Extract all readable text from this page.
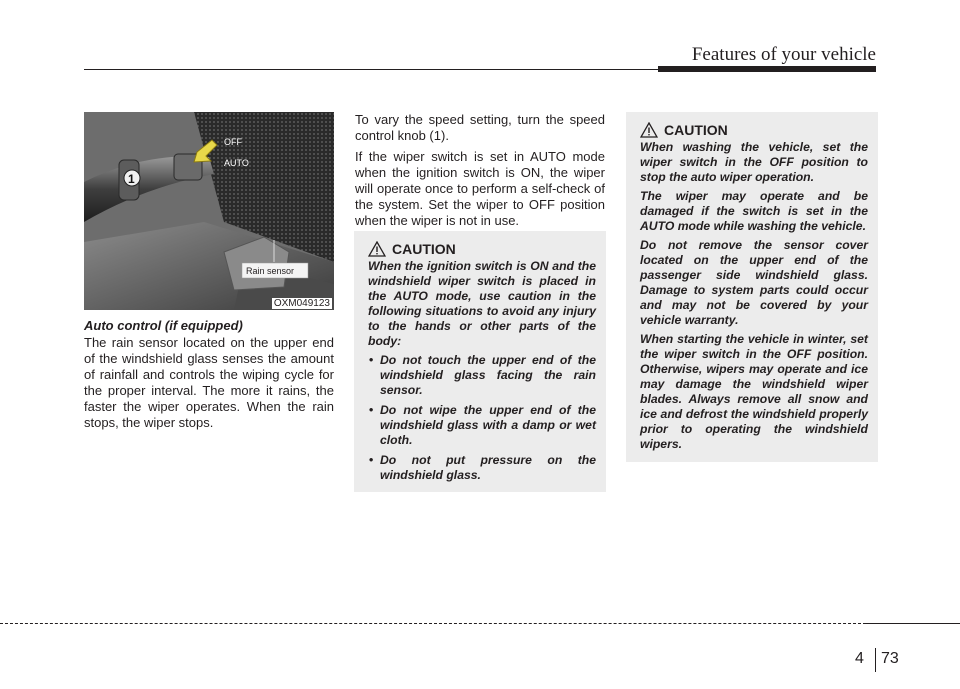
Features of your vehicle
1
OFF
AUTO
Rain sensor
OXM049123
Auto control (if equipped)
The rain sensor located on the upper end of the windshield glass senses the amount of rainfall and controls the wiping cycle for the proper interval. The more it rains, the faster the wiper operates. When the rain stops, the wiper stops.

To vary the speed setting, turn the speed control knob (1).

If the wiper switch is set in AUTO mode when the ignition switch is ON, the wiper will operate once to perform a self-check of the system. Set the wiper to OFF position when the wiper is not in use.

CAUTION

When the ignition switch is ON and the windshield wiper switch is placed in the AUTO mode, use caution in the following situations to avoid any injury to the hands or other parts of the body:

• Do not touch the upper end of the windshield glass facing the rain sensor.
• Do not wipe the upper end of the windshield glass with a damp or wet cloth.
• Do not put pressure on the windshield glass.
CAUTION

When washing the vehicle, set the wiper switch in the OFF position to stop the auto wiper operation.

The wiper may operate and be damaged if the switch is set in the AUTO mode while washing the vehicle.

Do not remove the sensor cover located on the upper end of the passenger side windshield glass. Damage to system parts could occur and may not be covered by your vehicle warranty.

When starting the vehicle in winter, set the wiper switch in the OFF position. Otherwise, wipers may operate and ice may damage the windshield wiper blades. Always remove all snow and ice and defrost the windshield properly prior to operating the windshield wipers.

4 73
